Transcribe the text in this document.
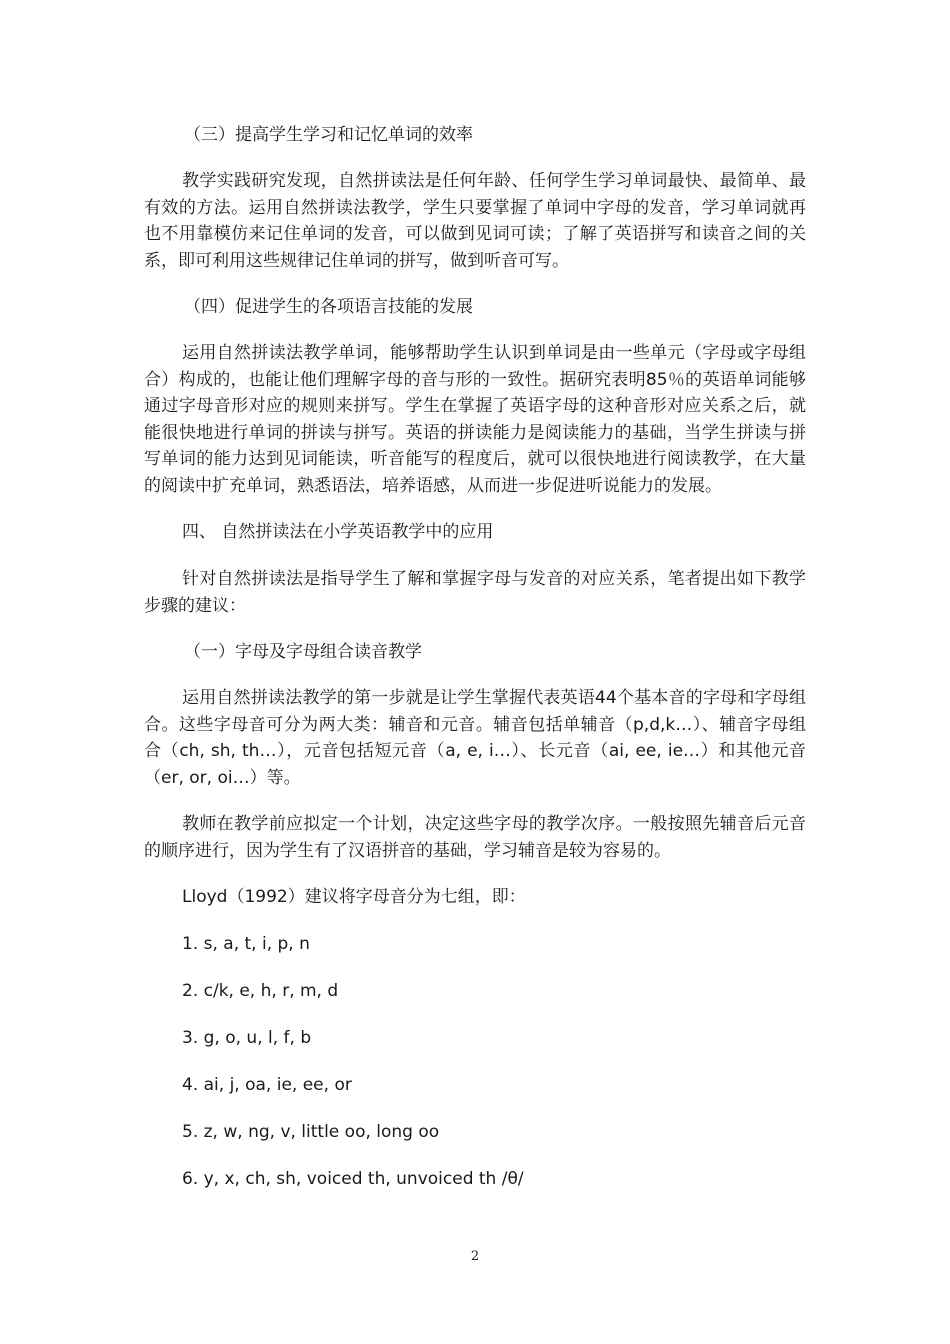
（三）提高学生学习和记忆单词的效率

教学实践研究发现，自然拼读法是任何年龄、任何学生学习单词最快、最简单、最有效的方法。运用自然拼读法教学，学生只要掌握了单词中字母的发音，学习单词就再也不用靠模仿来记住单词的发音，可以做到见词可读；了解了英语拼写和读音之间的关系，即可利用这些规律记住单词的拼写，做到听音可写。

（四）促进学生的各项语言技能的发展

运用自然拼读法教学单词，能够帮助学生认识到单词是由一些单元（字母或字母组合）构成的，也能让他们理解字母的音与形的一致性。据研究表明85％的英语单词能够通过字母音形对应的规则来拼写。学生在掌握了英语字母的这种音形对应关系之后，就能很快地进行单词的拼读与拼写。英语的拼读能力是阅读能力的基础，当学生拼读与拼写单词的能力达到见词能读，听音能写的程度后，就可以很快地进行阅读教学，在大量的阅读中扩充单词，熟悉语法，培养语感，从而进一步促进听说能力的发展。

四、 自然拼读法在小学英语教学中的应用

针对自然拼读法是指导学生了解和掌握字母与发音的对应关系，笔者提出如下教学步骤的建议：

（一）字母及字母组合读音教学

运用自然拼读法教学的第一步就是让学生掌握代表英语44个基本音的字母和字母组合。这些字母音可分为两大类：辅音和元音。辅音包括单辅音（p,d,k…）、辅音字母组合（ch, sh, th…），元音包括短元音（a, e, i…）、长元音（ai, ee, ie…）和其他元音（er, or, oi…）等。

教师在教学前应拟定一个计划，决定这些字母的教学次序。一般按照先辅音后元音的顺序进行，因为学生有了汉语拼音的基础，学习辅音是较为容易的。

Lloyd（1992）建议将字母音分为七组，即：
1. s, a, t, i, p, n
2. c/k, e, h, r, m, d
3. g, o, u, l, f, b
4. ai, j, oa, ie, ee, or
5. z, w, ng, v, little oo, long oo
6. y, x, ch, sh, voiced th, unvoiced th /θ/
2
